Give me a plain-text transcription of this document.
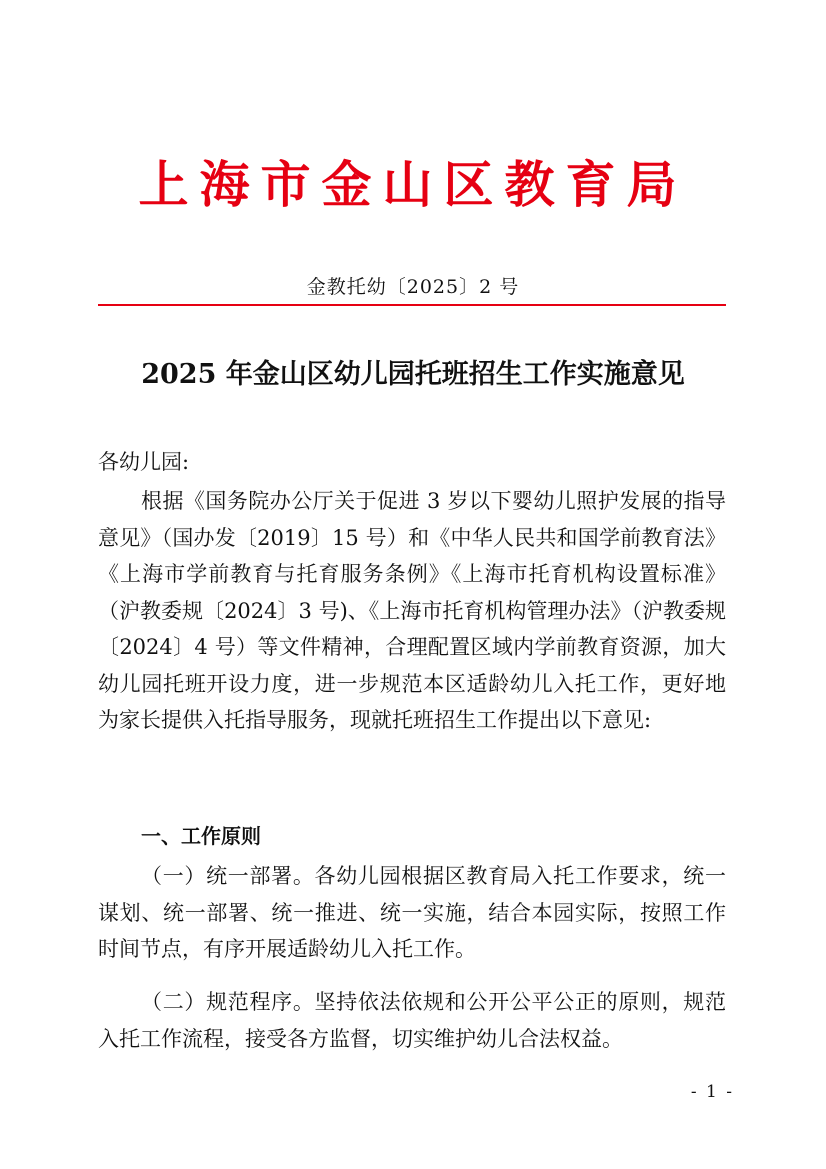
上海市金山区教育局
金教托幼〔2025〕2 号
2025 年金山区幼儿园托班招生工作实施意见
各幼儿园:
根据《国务院办公厅关于促进 3 岁以下婴幼儿照护发展的指导意见》（国办发〔2019〕15 号）和《中华人民共和国学前教育法》《上海市学前教育与托育服务条例》《上海市托育机构设置标准》（沪教委规〔2024〕3 号)、《上海市托育机构管理办法》（沪教委规〔2024〕4 号）等文件精神，合理配置区域内学前教育资源，加大幼儿园托班开设力度，进一步规范本区适龄幼儿入托工作，更好地为家长提供入托指导服务，现就托班招生工作提出以下意见:
一、工作原则
（一）统一部署。各幼儿园根据区教育局入托工作要求，统一谋划、统一部署、统一推进、统一实施，结合本园实际，按照工作时间节点，有序开展适龄幼儿入托工作。
（二）规范程序。坚持依法依规和公开公平公正的原则，规范入托工作流程，接受各方监督，切实维护幼儿合法权益。
- 1 -
